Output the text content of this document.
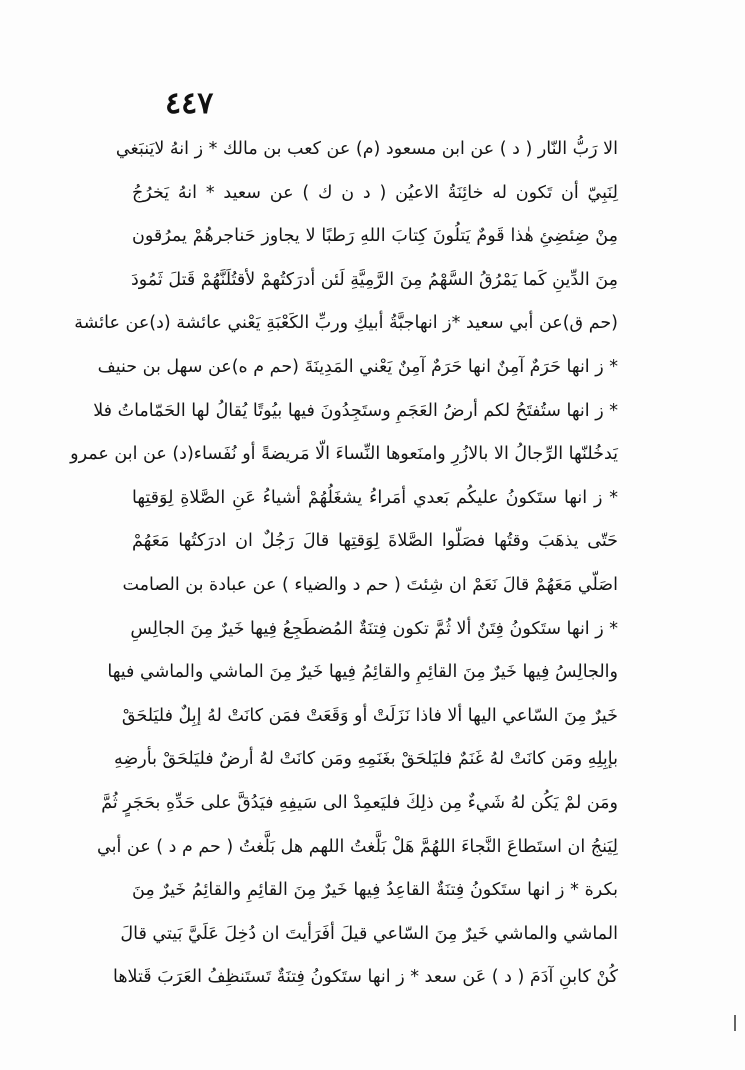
٤٤٧
الا رَبُّ النّار ( د ) عن ابن مسعود (م) عن كعب بن مالك * ز انهُ لايَنبَغي
لِنَبِيّ أن تَكون له خائِنَةُ الاعيُن ( د ن ك ) عن سعيد * انهُ يَخرُجُ
مِنْ ضِئضِئِ هٰذا قَومٌ يَتلُونَ كِتابَ اللهِ رَطبًا لا يجاوز حَناجرهُمْ يمرُقون
مِنَ الدِّينِ كَما يَمْرُقُ السَّهْمُ مِنَ الرَّمِيَّةِ لَئن أدرَكتُهمْ لأقتُلَنَّهُمْ قَتلَ ثَمُودَ
(حم ق)عن أبي سعيد *ز انهاجبَّةُ أبيكِ وربِّ الكَعْبَةِ يَعْني عائشة (د)عن عائشة
* ز انها حَرَمٌ آمِنٌ انها حَرَمٌ آمِنٌ يَعْني المَدِينَةَ (حم م ه)عن سهل بن حنيف
* ز انها ستُفتَحُ لكم أرضُ العَجَمِ وستَجِدُونَ فيها بيُوتًا يُقالُ لها الحَمّاماتُ فلا
يَدخُلنّها الرِّجالُ الا بالازُرِ وامنَعوها النِّساءَ الّا مَريضةً أو نُفَساء(د) عن ابن عمرو
* ز انها ستَكونُ عليكُم بَعدي أمَراءُ يشغَلُهُمْ أشياءُ عَنِ الصَّلاةِ لِوَقتِها
حَتّى يذهَبَ وقتُها فصَلّوا الصَّلاةَ لِوَقتِها قالَ رَجُلٌ ان ادرَكتُها مَعَهُمْ
اصَلّي مَعَهُمْ قالَ نَعَمْ ان شِئتَ ( حم د والضياء ) عن عبادة بن الصامت
* ز انها ستَكونُ فِتَنٌ ألا ثُمَّ تكون فِتنَةٌ المُضطَجِعُ فِيها خَيرٌ مِنَ الجالِسِ
والجالِسُ فِيها خَيرٌ مِنَ القائِمِ والقائِمُ فِيها خَيرٌ مِنَ الماشي والماشي فيها
خَيرٌ مِنَ السّاعي اليها ألا فاذا نَزَلَتْ أو وَقَعَتْ فمَن كانَتْ لهُ إبِلٌ فليَلحَقْ
بإبِلِهِ ومَن كانَتْ لهُ غَنَمٌ فليَلحَقْ بغَنَمِهِ ومَن كانَتْ لهُ أرضٌ فليَلحَقْ بأرضِهِ
ومَن لمْ يَكُن لهُ شَيءٌ مِن ذلِكَ فليَعمِدْ الى سَيفِهِ فيَدُقَّ على حَدِّهِ بحَجَرٍ ثُمَّ
لِيَنجُ ان استَطاعَ النَّجاءَ اللهُمَّ هَلْ بَلَّغتُ اللهم هل بَلَّغتُ ( حم م د ) عن أبي
بكرة * ز انها ستَكونُ فِتنَةٌ القاعِدُ فِيها خَيرٌ مِنَ القائِمِ والقائِمُ خَيرٌ مِنَ
الماشي والماشي خَيرٌ مِنَ السّاعي قيلَ أفَرَأيتَ ان دُخِلَ عَلَيَّ بَيتي قالَ
كُنْ كابنِ آدَمَ ( د ) عَن سعد * ز انها ستَكونُ فِتنَةٌ تَستَنظِفُ العَرَبَ قَتلاها
